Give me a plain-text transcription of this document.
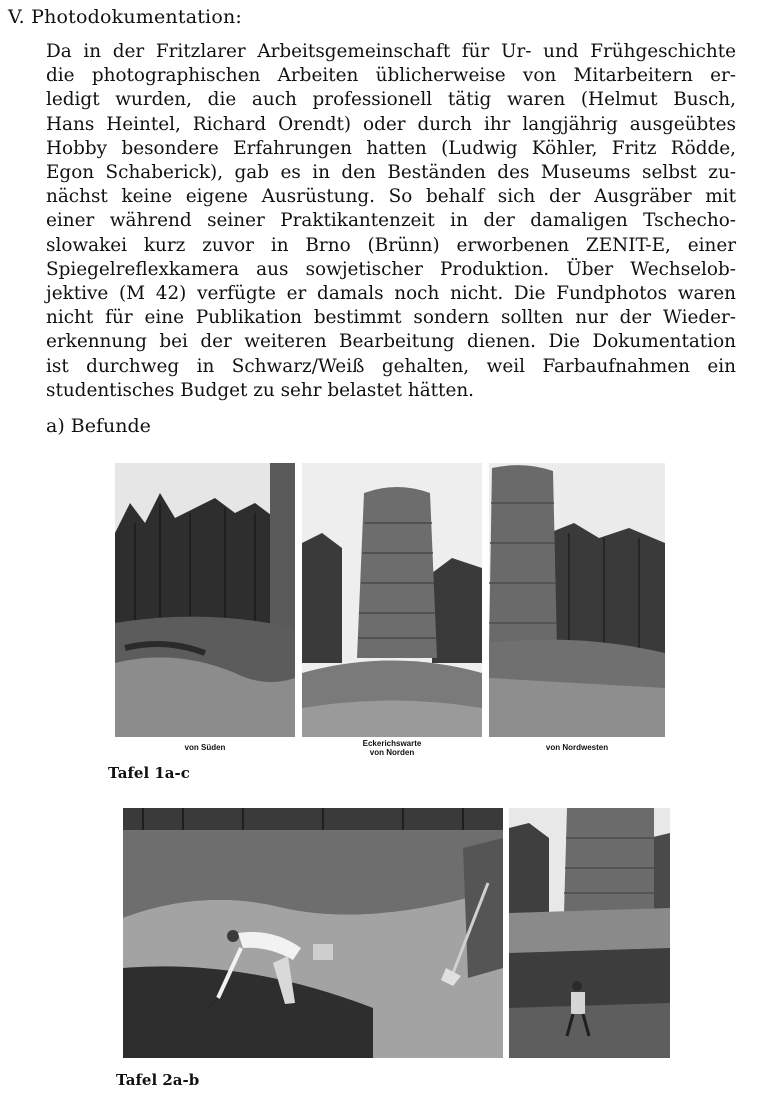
V. Photodokumentation:
Da in der Fritzlarer Arbeitsgemeinschaft für Ur- und Frühgeschichte
die photographischen Arbeiten üblicherweise von Mitarbeitern er-
ledigt wurden, die auch professionell tätig waren (Helmut Busch,
Hans Heintel, Richard Orendt) oder durch ihr langjährig ausgeübtes
Hobby besondere Erfahrungen hatten (Ludwig Köhler, Fritz Rödde,
Egon Schaberick), gab es in den Beständen des Museums selbst zu-
nächst keine eigene Ausrüstung. So behalf sich der Ausgräber mit
einer während seiner Praktikantenzeit in der damaligen Tschecho-
slowakei kurz zuvor in Brno (Brünn) erworbenen ZENIT-E, einer
Spiegelreflexkamera aus sowjetischer Produktion. Über Wechselob-
jektive (M 42) verfügte er damals noch nicht. Die Fundphotos waren
nicht für eine Publikation bestimmt sondern sollten nur der Wieder-
erkennung bei der weiteren Bearbeitung dienen. Die Dokumentation
ist durchweg in Schwarz/Weiß gehalten, weil Farbaufnahmen ein
studentisches Budget zu sehr belastet hätten.
a) Befunde
von Süden	Eckerichswarte
von Norden
von Nordwesten
Tafel 1a-c
Tafel 2a-b
